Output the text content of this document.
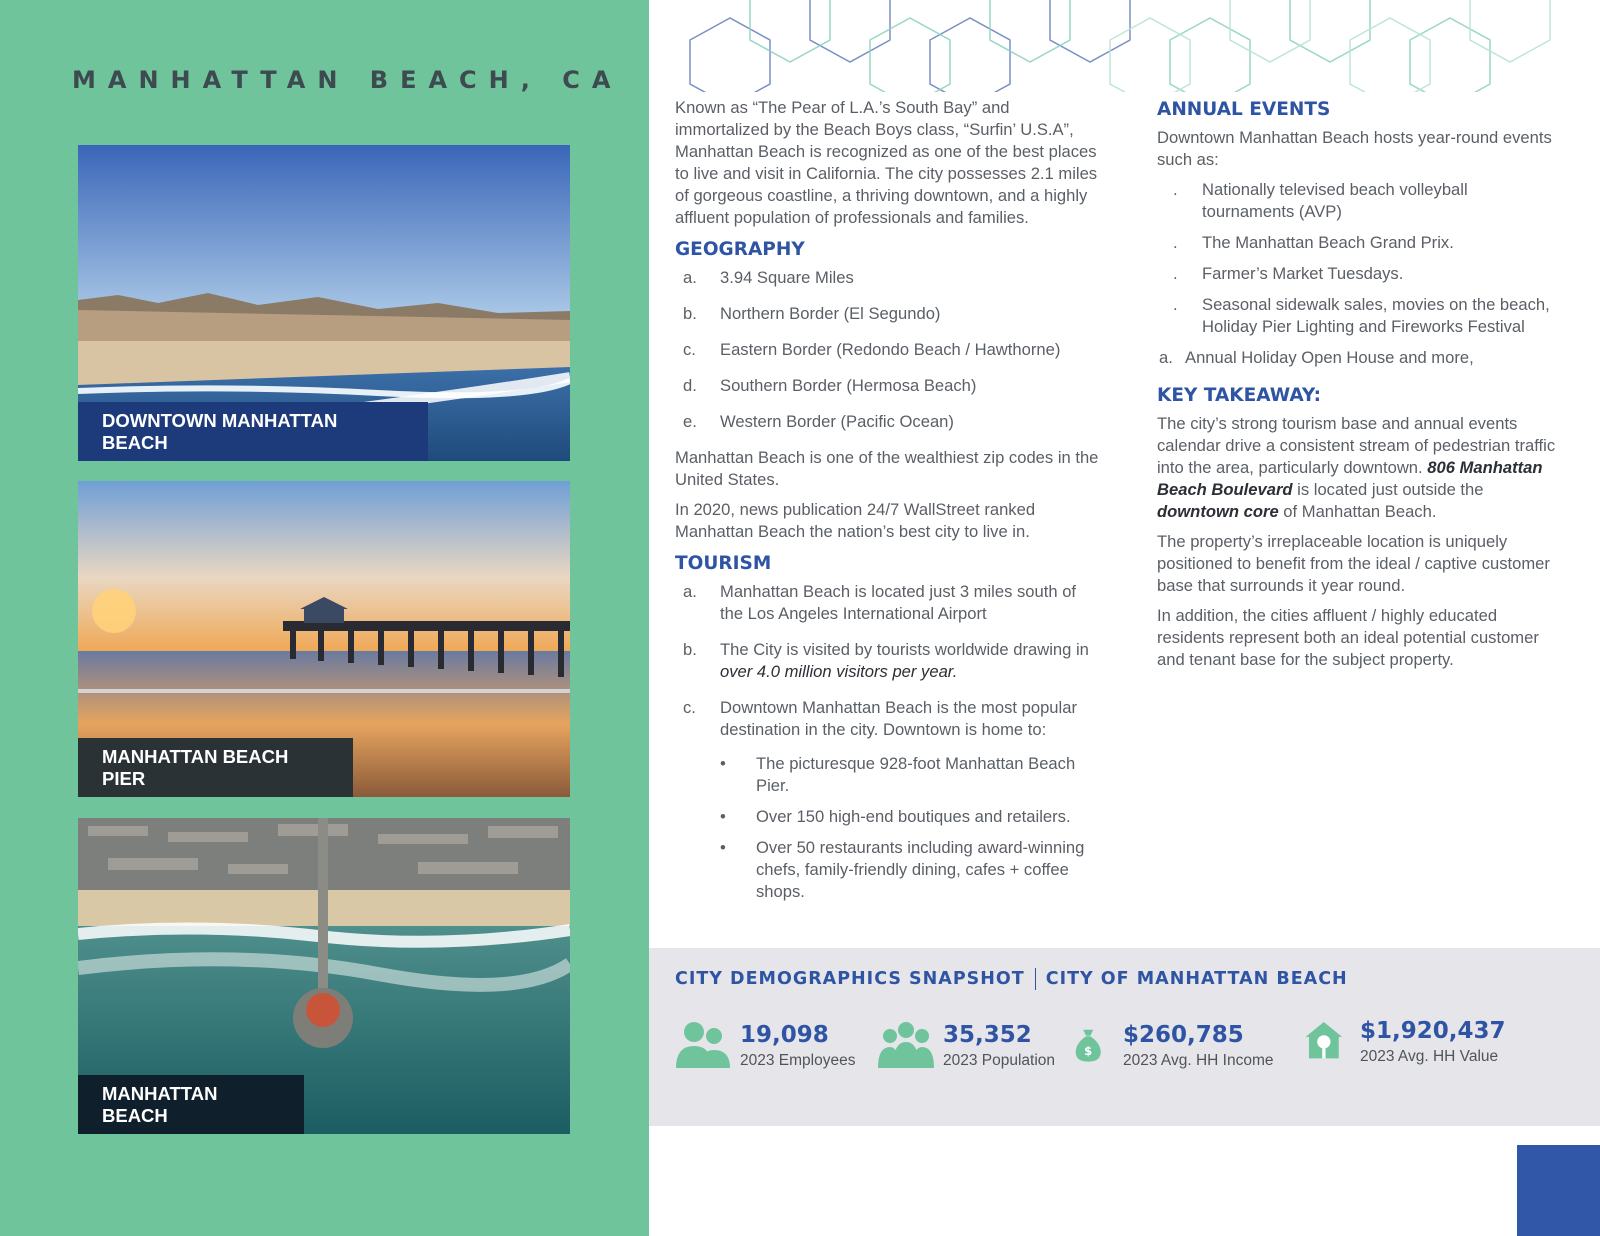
MANHATTAN BEACH, CA
DOWNTOWN MANHATTAN BEACH
MANHATTAN BEACH PIER
MANHATTAN BEACH

Known as “The Pear of L.A.’s South Bay” and immortalized by the Beach Boys class, “Surfin’ U.S.A”, Manhattan Beach is recognized as one of the best places to live and visit in California. The city possesses 2.1 miles of gorgeous coastline, a thriving downtown, and a highly affluent population of professionals and families.

GEOGRAPHY
a.	3.94 Square Miles
b.	Northern Border (El Segundo)
c.	Eastern Border (Redondo Beach / Hawthorne)
d.	Southern Border (Hermosa Beach)
e.	Western Border (Pacific Ocean)

Manhattan Beach is one of the wealthiest zip codes in the United States.

In 2020, news publication 24/7 WallStreet ranked Manhattan Beach the nation’s best city to live in.

TOURISM
a.	Manhattan Beach is located just 3 miles south of the Los Angeles International Airport
b.	The City is visited by tourists worldwide drawing in over 4.0 million visitors per year.
c.	Downtown Manhattan Beach is the most popular destination in the city. Downtown is home to:
•	The picturesque 928-foot Manhattan Beach Pier.
•	Over 150 high-end boutiques and retailers.
•	Over 50 restaurants including award-winning chefs, family-friendly dining, cafes + coffee shops.
ANNUAL EVENTS

Downtown Manhattan Beach hosts year-round events such as:

.	Nationally televised beach volleyball tournaments (AVP)
.	The Manhattan Beach Grand Prix.
.	Farmer’s Market Tuesdays.
.	Seasonal sidewalk sales, movies on the beach, Holiday Pier Lighting and Fireworks Festival
a. Annual Holiday Open House and more,
KEY TAKEAWAY:

The city’s strong tourism base and annual events calendar drive a consistent stream of pedestrian traffic into the area, particularly downtown. 806 Manhattan Beach Boulevard is located just outside the downtown core of Manhattan Beach.

The property’s irreplaceable location is uniquely positioned to benefit from the ideal / captive customer base that surrounds it year round.

In addition, the cities affluent / highly educated residents represent both an ideal potential customer and tenant base for the subject property.

CITY DEMOGRAPHICS SNAPSHOT CITY OF MANHATTAN BEACH
19,098
2023 Employees
35,352
2023 Population
$
$260,785
2023 Avg. HH Income
$1,920,437
2023 Avg. HH Value
